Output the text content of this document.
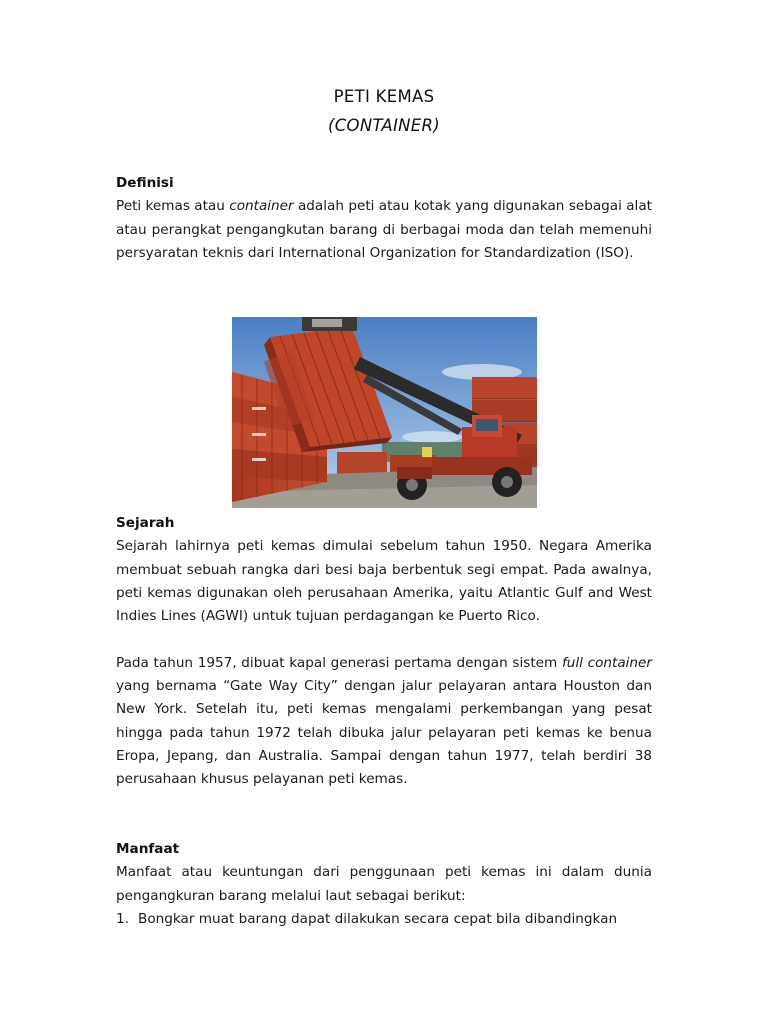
PETI KEMAS
(CONTAINER)
Definisi

Peti kemas atau container adalah peti atau kotak yang digunakan sebagai alat atau perangkat pengangkutan barang di berbagai moda dan telah memenuhi persyaratan teknis dari International Organization for Standardization (ISO).

Sejarah

Sejarah lahirnya peti kemas dimulai sebelum tahun 1950. Negara Amerika membuat sebuah rangka dari besi baja berbentuk segi empat. Pada awalnya, peti kemas digunakan oleh perusahaan Amerika, yaitu Atlantic Gulf and West Indies Lines (AGWI) untuk tujuan perdagangan ke Puerto Rico.

Pada tahun 1957, dibuat kapal generasi pertama dengan sistem full container yang bernama “Gate Way City” dengan jalur pelayaran antara Houston dan New York. Setelah itu, peti kemas mengalami perkembangan yang pesat hingga pada tahun 1972 telah dibuka jalur pelayaran peti kemas ke benua Eropa, Jepang, dan Australia. Sampai dengan tahun 1977, telah berdiri 38 perusahaan khusus pelayanan peti kemas.

Manfaat

Manfaat atau keuntungan dari penggunaan peti kemas ini dalam dunia pengangkuran barang melalui laut sebagai berikut:

1. Bongkar muat barang dapat dilakukan secara cepat bila dibandingkan
